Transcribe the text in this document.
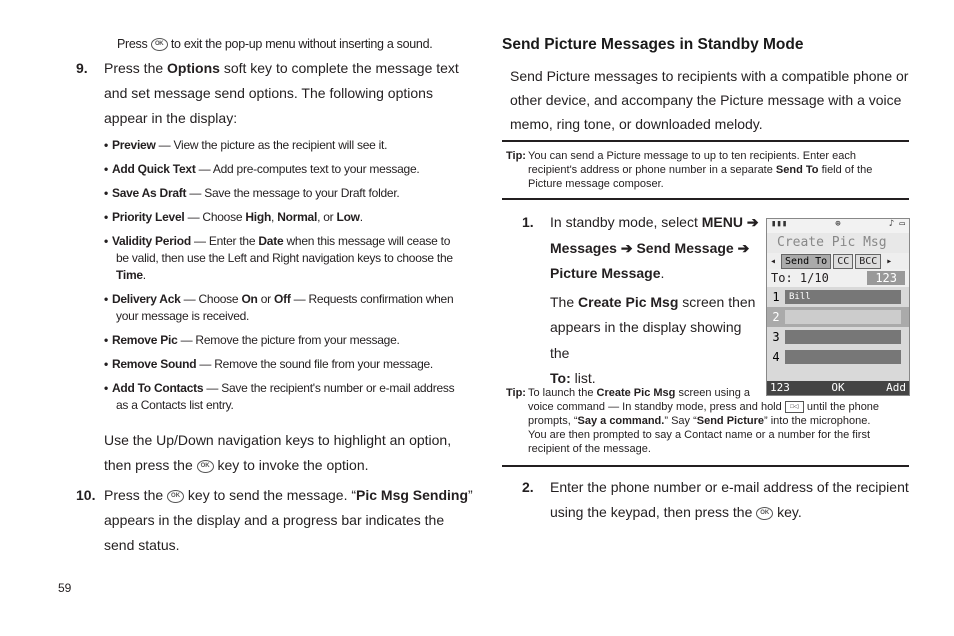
Press OK to exit the pop-up menu without inserting a sound.
9. Press the Options soft key to complete the message text
and set message send options. The following options
appear in the display:
• Preview — View the picture as the recipient will see it.
• Add Quick Text — Add pre-computes text to your message.
• Save As Draft — Save the message to your Draft folder.
• Priority Level — Choose High, Normal, or Low.
• Validity Period — Enter the Date when this message will cease to be valid, then use the Left and Right navigation keys to choose the Time.
• Delivery Ack — Choose On or Off — Requests confirmation when your message is received.
• Remove Pic — Remove the picture from your message.
• Remove Sound — Remove the sound file from your message.
• Add To Contacts — Save the recipient's number or e-mail address as a Contacts list entry.
Use the Up/Down navigation keys to highlight an option,
then press the OK key to invoke the option.
10. Press the OK key to send the message. “Pic Msg Sending”
appears in the display and a progress bar indicates the
send status.
59
Send Picture Messages in Standby Mode
Send Picture messages to recipients with a compatible phone or
other device, and accompany the Picture message with a voice
memo, ring tone, or downloaded melody.
Tip: You can send a Picture message to up to ten recipients. Enter each
recipient's address or phone number in a separate Send To field of the
Picture message composer.
1. In standby mode, select MENU ➔
Messages ➔ Send Message ➔
Picture Message.
The Create Pic Msg screen then
appears in the display showing the
To: list.
▮▮▮	⊕	♪ ▭
Create Pic Msg
◂ Send To	CC	BCC ▸
To: 1/10	123
1	Bill
2
3
4
123	OK	Add
Tip: To launch the Create Pic Msg screen using a
voice command — In standby mode, press and hold □◁ until the phone
prompts, “Say a command.” Say “Send Picture” into the microphone.
You are then prompted to say a Contact name or a number for the first
recipient of the message.
2. Enter the phone number or e-mail address of the recipient
using the keypad, then press the OK key.
